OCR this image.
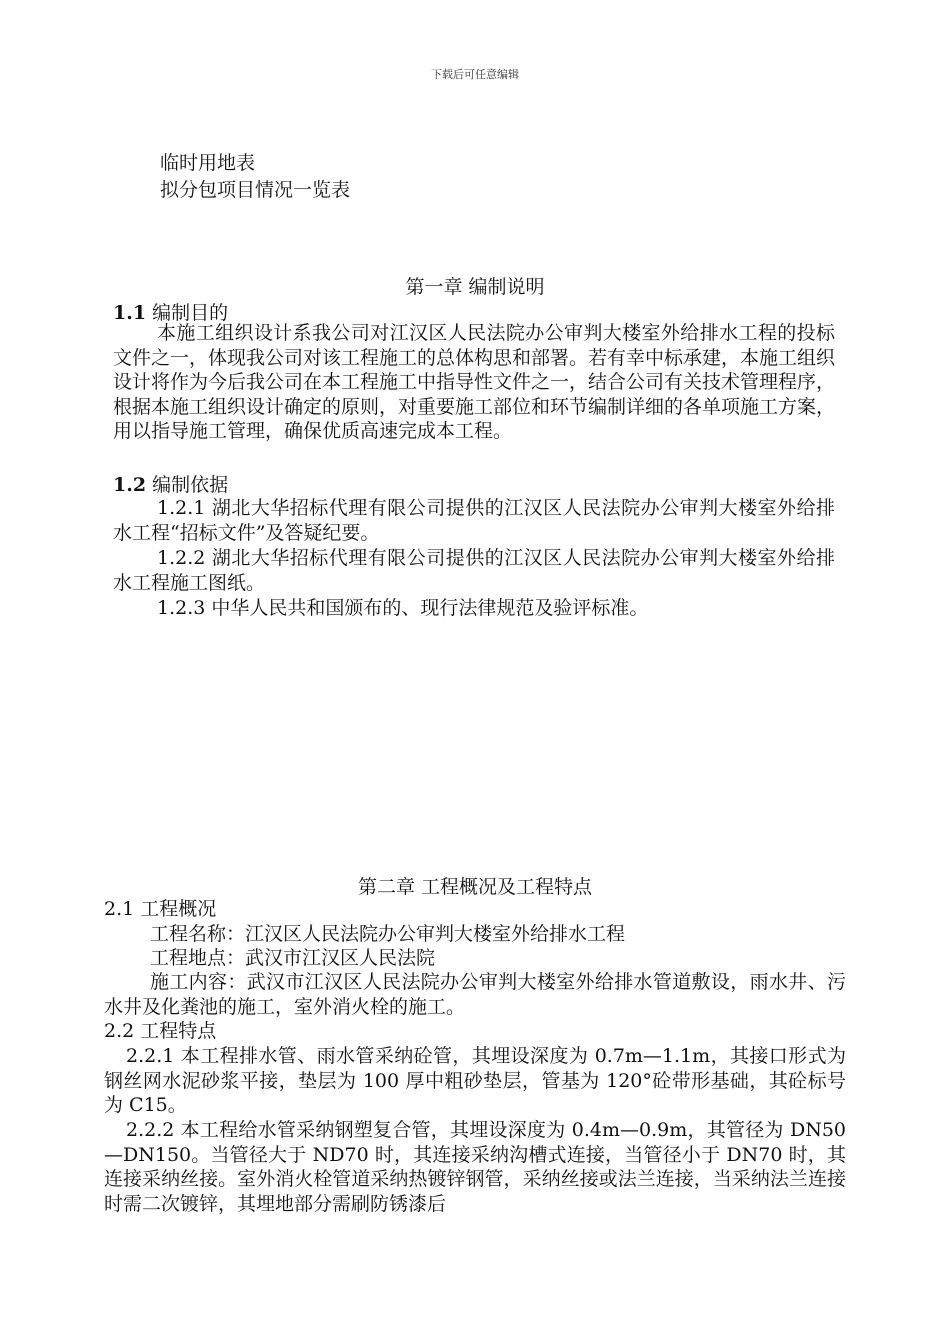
下载后可任意编辑
临时用地表
拟分包项目情况一览表
第一章 编制说明
1.1 编制目的
本施工组织设计系我公司对江汉区人民法院办公审判大楼室外给排水工程的投标文件之一，体现我公司对该工程施工的总体构思和部署。若有幸中标承建，本施工组织设计将作为今后我公司在本工程施工中指导性文件之一，结合公司有关技术管理程序，根据本施工组织设计确定的原则，对重要施工部位和环节编制详细的各单项施工方案，用以指导施工管理，确保优质高速完成本工程。
1.2 编制依据
1.2.1 湖北大华招标代理有限公司提供的江汉区人民法院办公审判大楼室外给排水工程“招标文件”及答疑纪要。
1.2.2 湖北大华招标代理有限公司提供的江汉区人民法院办公审判大楼室外给排水工程施工图纸。
1.2.3 中华人民共和国颁布的、现行法律规范及验评标准。
第二章 工程概况及工程特点
2.1 工程概况
工程名称：江汉区人民法院办公审判大楼室外给排水工程
工程地点：武汉市江汉区人民法院
施工内容：武汉市江汉区人民法院办公审判大楼室外给排水管道敷设，雨水井、污水井及化粪池的施工，室外消火栓的施工。
2.2 工程特点
2.2.1 本工程排水管、雨水管采纳砼管，其埋设深度为 0.7m—1.1m，其接口形式为钢丝网水泥砂浆平接，垫层为 100 厚中粗砂垫层，管基为 120°砼带形基础，其砼标号为 C15。
2.2.2 本工程给水管采纳钢塑复合管，其埋设深度为 0.4m—0.9m，其管径为 DN50—DN150。当管径大于 ND70 时，其连接采纳沟槽式连接，当管径小于 DN70 时，其连接采纳丝接。室外消火栓管道采纳热镀锌钢管，采纳丝接或法兰连接，当采纳法兰连接时需二次镀锌，其埋地部分需刷防锈漆后
